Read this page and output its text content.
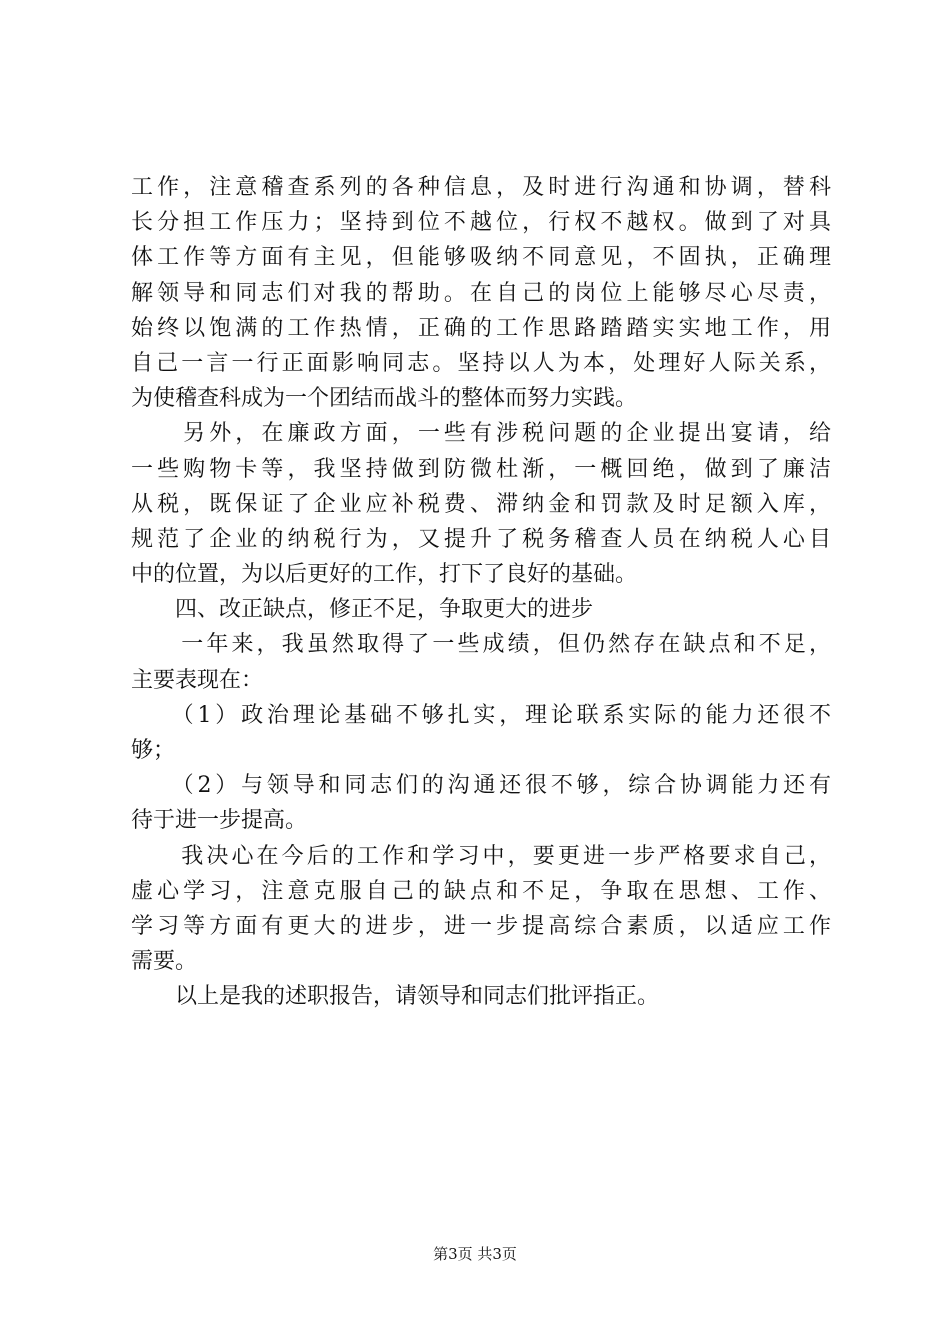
工作，注意稽查系列的各种信息，及时进行沟通和协调，替科
长分担工作压力；坚持到位不越位，行权不越权。做到了对具
体工作等方面有主见，但能够吸纳不同意见，不固执，正确理
解领导和同志们对我的帮助。在自己的岗位上能够尽心尽责，
始终以饱满的工作热情，正确的工作思路踏踏实实地工作，用
自己一言一行正面影响同志。坚持以人为本，处理好人际关系，
为使稽查科成为一个团结而战斗的整体而努力实践。
　　另外，在廉政方面，一些有涉税问题的企业提出宴请，给
一些购物卡等，我坚持做到防微杜渐，一概回绝，做到了廉洁
从税，既保证了企业应补税费、滞纳金和罚款及时足额入库，
规范了企业的纳税行为，又提升了税务稽查人员在纳税人心目
中的位置，为以后更好的工作，打下了良好的基础。
　　四、改正缺点，修正不足，争取更大的进步
　　一年来，我虽然取得了一些成绩，但仍然存在缺点和不足，
主要表现在：
　　（1）政治理论基础不够扎实，理论联系实际的能力还很不
够；
　　（2）与领导和同志们的沟通还很不够，综合协调能力还有
待于进一步提高。
　　我决心在今后的工作和学习中，要更进一步严格要求自己，
虚心学习，注意克服自己的缺点和不足，争取在思想、工作、
学习等方面有更大的进步，进一步提高综合素质，以适应工作
需要。
　　以上是我的述职报告，请领导和同志们批评指正。
第3页 共3页
